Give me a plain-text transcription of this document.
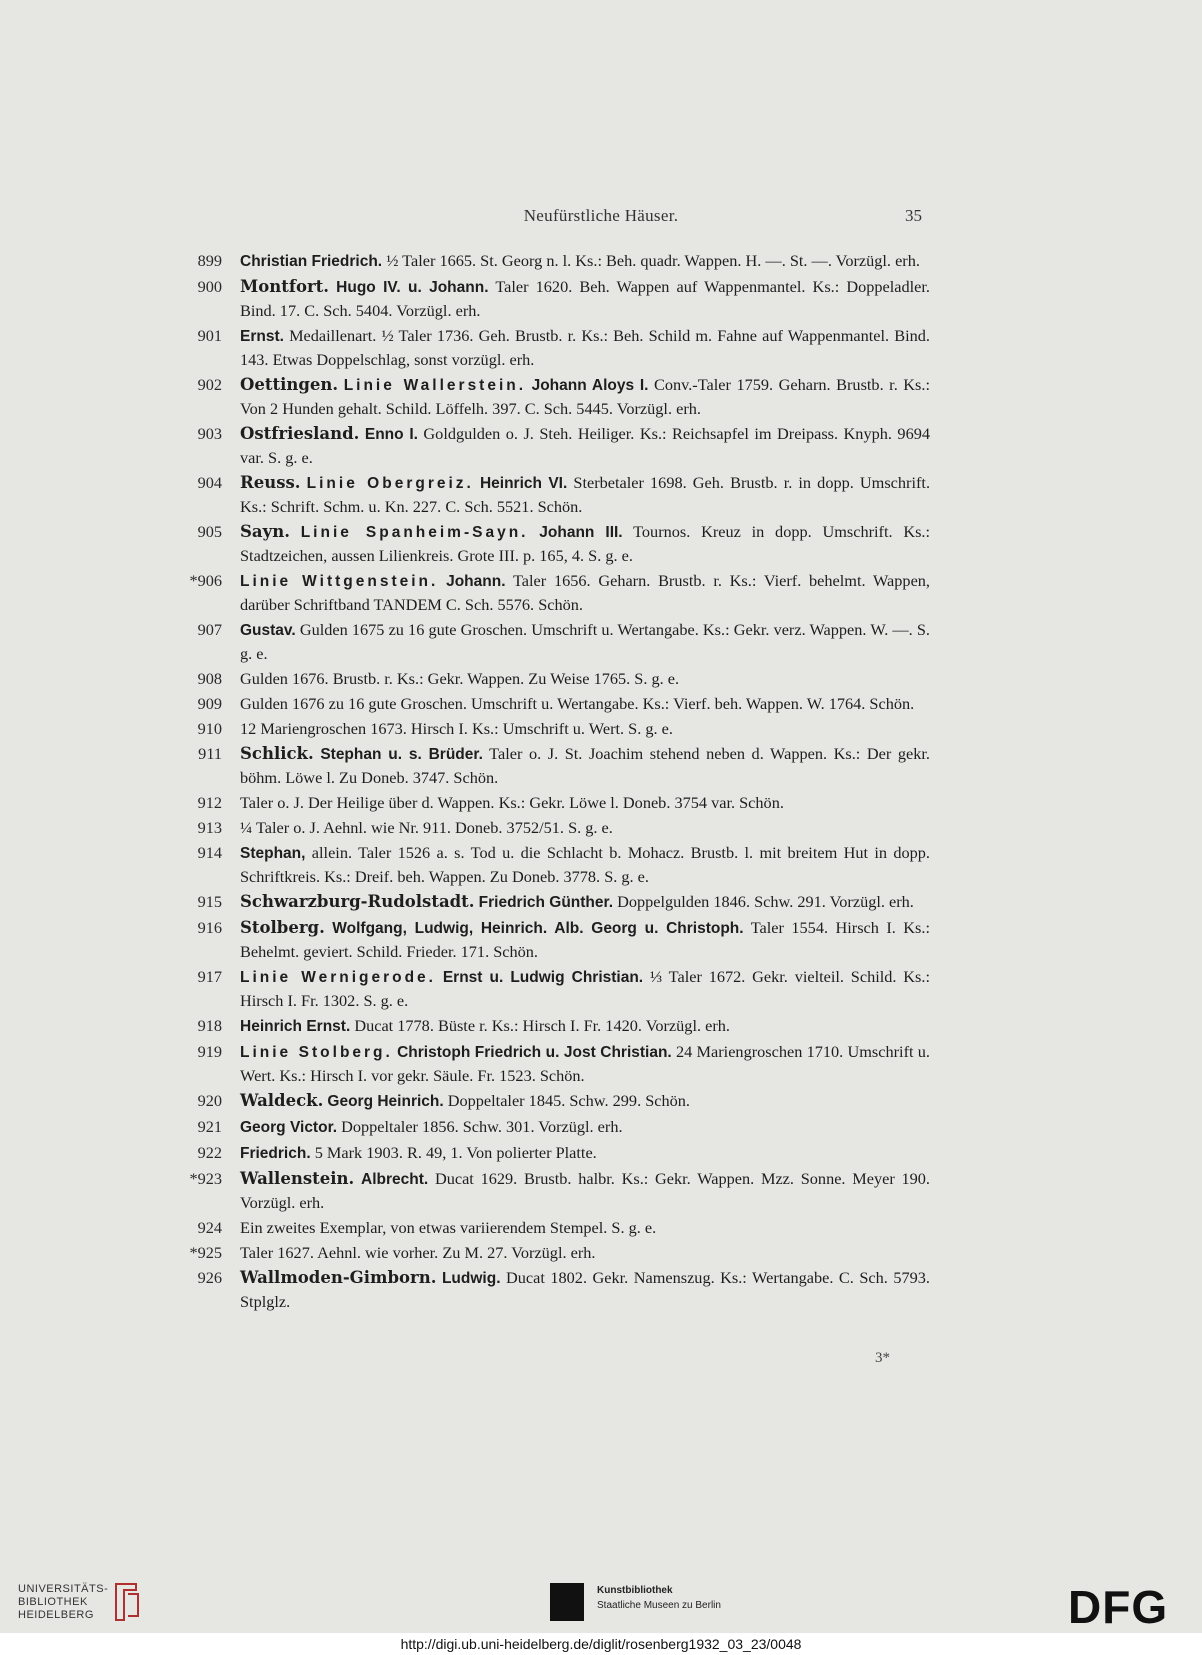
Neufürstliche Häuser.	35
899 Christian Friedrich. ½ Taler 1665. St. Georg n. l. Ks.: Beh. quadr. Wappen. H. —. St. —. Vorzügl. erh.
900 Montfort. Hugo IV. u. Johann. Taler 1620. Beh. Wappen auf Wappenmantel. Ks.: Doppeladler. Bind. 17. C. Sch. 5404. Vorzügl. erh.
901 Ernst. Medaillenart. ½ Taler 1736. Geh. Brustb. r. Ks.: Beh. Schild m. Fahne auf Wappenmantel. Bind. 143. Etwas Doppelschlag, sonst vorzügl. erh.
902 Oettingen. Linie Wallerstein. Johann Aloys I. Conv.-Taler 1759. Geharn. Brustb. r. Ks.: Von 2 Hunden gehalt. Schild. Löffelh. 397. C. Sch. 5445. Vorzügl. erh.
903 Ostfriesland. Enno I. Goldgulden o. J. Steh. Heiliger. Ks.: Reichsapfel im Dreipass. Knyph. 9694 var. S. g. e.
904 Reuss. Linie Obergreiz. Heinrich VI. Sterbetaler 1698. Geh. Brustb. r. in dopp. Umschrift. Ks.: Schrift. Schm. u. Kn. 227. C. Sch. 5521. Schön.
905 Sayn. Linie Spanheim-Sayn. Johann III. Tournos. Kreuz in dopp. Umschrift. Ks.: Stadtzeichen, aussen Lilienkreis. Grote III. p. 165, 4. S. g. e.
*906 Linie Wittgenstein. Johann. Taler 1656. Geharn. Brustb. r. Ks.: Vierf. behelmt. Wappen, darüber Schriftband TANDEM C. Sch. 5576. Schön.
907 Gustav. Gulden 1675 zu 16 gute Groschen. Umschrift u. Wertangabe. Ks.: Gekr. verz. Wappen. W. —. S. g. e.
908 Gulden 1676. Brustb. r. Ks.: Gekr. Wappen. Zu Weise 1765. S. g. e.
909 Gulden 1676 zu 16 gute Groschen. Umschrift u. Wertangabe. Ks.: Vierf. beh. Wappen. W. 1764. Schön.
910 12 Mariengroschen 1673. Hirsch I. Ks.: Umschrift u. Wert. S. g. e.
911 Schlick. Stephan u. s. Brüder. Taler o. J. St. Joachim stehend neben d. Wappen. Ks.: Der gekr. böhm. Löwe l. Zu Doneb. 3747. Schön.
912 Taler o. J. Der Heilige über d. Wappen. Ks.: Gekr. Löwe l. Doneb. 3754 var. Schön.
913 ¼ Taler o. J. Aehnl. wie Nr. 911. Doneb. 3752/51. S. g. e.
914 Stephan, allein. Taler 1526 a. s. Tod u. die Schlacht b. Mohacz. Brustb. l. mit breitem Hut in dopp. Schriftkreis. Ks.: Dreif. beh. Wappen. Zu Doneb. 3778. S. g. e.
915 Schwarzburg-Rudolstadt. Friedrich Günther. Doppelgulden 1846. Schw. 291. Vorzügl. erh.
916 Stolberg. Wolfgang, Ludwig, Heinrich. Alb. Georg u. Christoph. Taler 1554. Hirsch I. Ks.: Behelmt. geviert. Schild. Frieder. 171. Schön.
917 Linie Wernigerode. Ernst u. Ludwig Christian. ⅓ Taler 1672. Gekr. vielteil. Schild. Ks.: Hirsch I. Fr. 1302. S. g. e.
918 Heinrich Ernst. Ducat 1778. Büste r. Ks.: Hirsch I. Fr. 1420. Vorzügl. erh.
919 Linie Stolberg. Christoph Friedrich u. Jost Christian. 24 Mariengroschen 1710. Umschrift u. Wert. Ks.: Hirsch I. vor gekr. Säule. Fr. 1523. Schön.
920 Waldeck. Georg Heinrich. Doppeltaler 1845. Schw. 299. Schön.
921 Georg Victor. Doppeltaler 1856. Schw. 301. Vorzügl. erh.
922 Friedrich. 5 Mark 1903. R. 49, 1. Von polierter Platte.
*923 Wallenstein. Albrecht. Ducat 1629. Brustb. halbr. Ks.: Gekr. Wappen. Mzz. Sonne. Meyer 190. Vorzügl. erh.
924 Ein zweites Exemplar, von etwas variierendem Stempel. S. g. e.
*925 Taler 1627. Aehnl. wie vorher. Zu M. 27. Vorzügl. erh.
926 Wallmoden-Gimborn. Ludwig. Ducat 1802. Gekr. Namenszug. Ks.: Wertangabe. C. Sch. 5793. Stplglz.
3*
UNIVERSITÄTS-
BIBLIOTHEK
HEIDELBERG
Kunstbibliothek
Staatliche Museen zu Berlin	DFG
http://digi.ub.uni-heidelberg.de/diglit/rosenberg1932_03_23/0048
